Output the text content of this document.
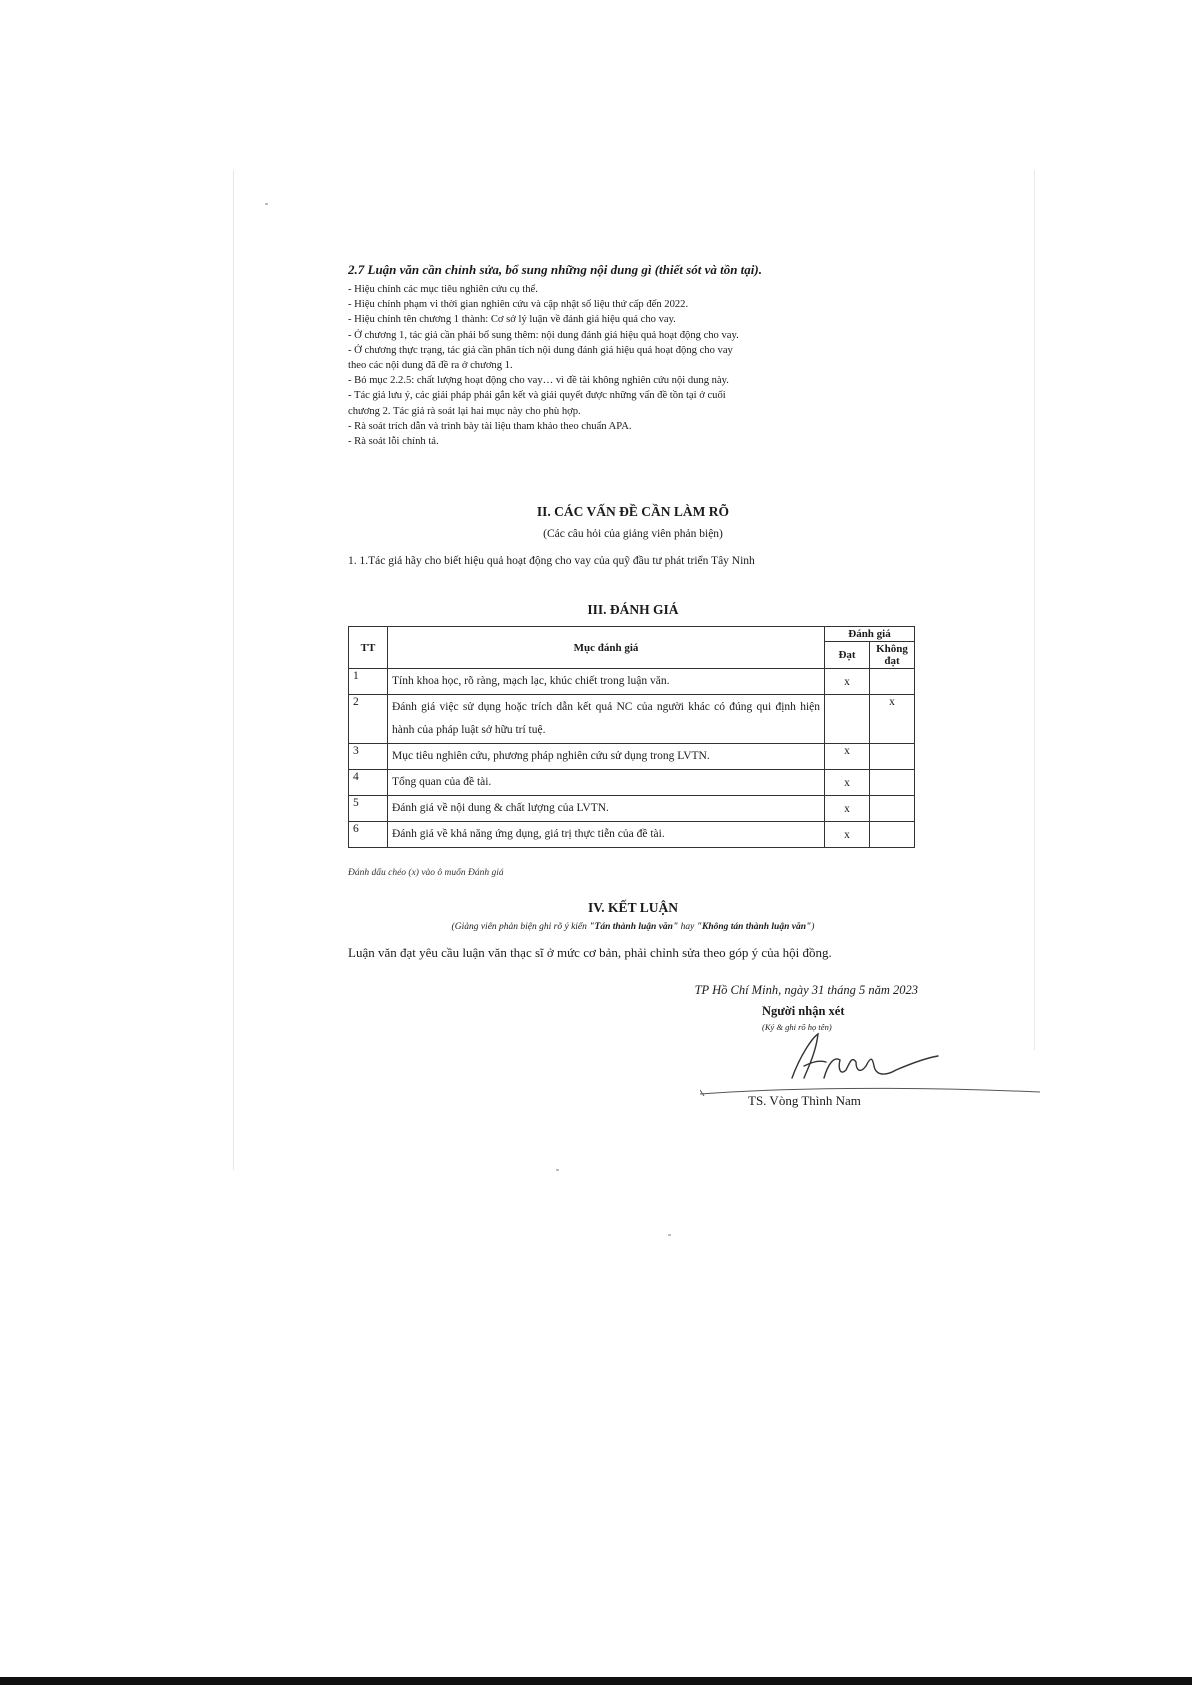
2.7 Luận văn cần chỉnh sửa, bổ sung những nội dung gì (thiết sót và tồn tại).
- Hiệu chỉnh các mục tiêu nghiên cứu cụ thể.
- Hiệu chỉnh phạm vi thời gian nghiên cứu và cập nhật số liệu thứ cấp đến 2022.
- Hiệu chỉnh tên chương 1 thành: Cơ sở lý luận về đánh giá hiệu quả cho vay.
- Ở chương 1, tác giả cần phải bổ sung thêm: nội dung đánh giá hiệu quả hoạt động cho vay.
- Ở chương thực trạng, tác giả cần phân tích nội dung đánh giá hiệu quả hoạt động cho vay
theo các nội dung đã đề ra ở chương 1.
- Bỏ mục 2.2.5: chất lượng hoạt động cho vay… vì đề tài không nghiên cứu nội dung này.
- Tác giả lưu ý, các giải pháp phải gắn kết và giải quyết được những vấn đề tồn tại ở cuối
chương 2. Tác giả rà soát lại hai mục này cho phù hợp.
- Rà soát trích dẫn và trình bày tài liệu tham khảo theo chuẩn APA.
- Rà soát lỗi chính tả.
II. CÁC VẤN ĐỀ CẦN LÀM RÕ
(Các câu hỏi của giảng viên phản biện)
1. 1.Tác giả hãy cho biết hiệu quả hoạt động cho vay của quỹ đầu tư phát triển Tây Ninh
III. ĐÁNH GIÁ
TT	Mục đánh giá	Đánh giá	
		Đạt	Không đạt
1	Tính khoa học, rõ ràng, mạch lạc, khúc chiết trong luận văn.	x	
2	Đánh giá việc sử dụng hoặc trích dẫn kết quả NC của người khác có đúng qui định hiện hành của pháp luật sở hữu trí tuệ.		x
3	Mục tiêu nghiên cứu, phương pháp nghiên cứu sử dụng trong LVTN.	x	
4	Tổng quan của đề tài.	x	
5	Đánh giá về nội dung & chất lượng của LVTN.	x	
6	Đánh giá về khả năng ứng dụng, giá trị thực tiễn của đề tài.	x	
Đánh dấu chéo (x) vào ô muốn Đánh giá
IV. KẾT LUẬN
(Giảng viên phản biện ghi rõ ý kiến "Tán thành luận văn" hay "Không tán thành luận văn")
Luận văn đạt yêu cầu luận văn thạc sĩ ở mức cơ bản, phải chỉnh sửa theo góp ý của hội đồng.
TP Hồ Chí Minh, ngày 31 tháng 5 năm 2023
Người nhận xét
(Ký & ghi rõ họ tên)
TS. Vòng Thình Nam
